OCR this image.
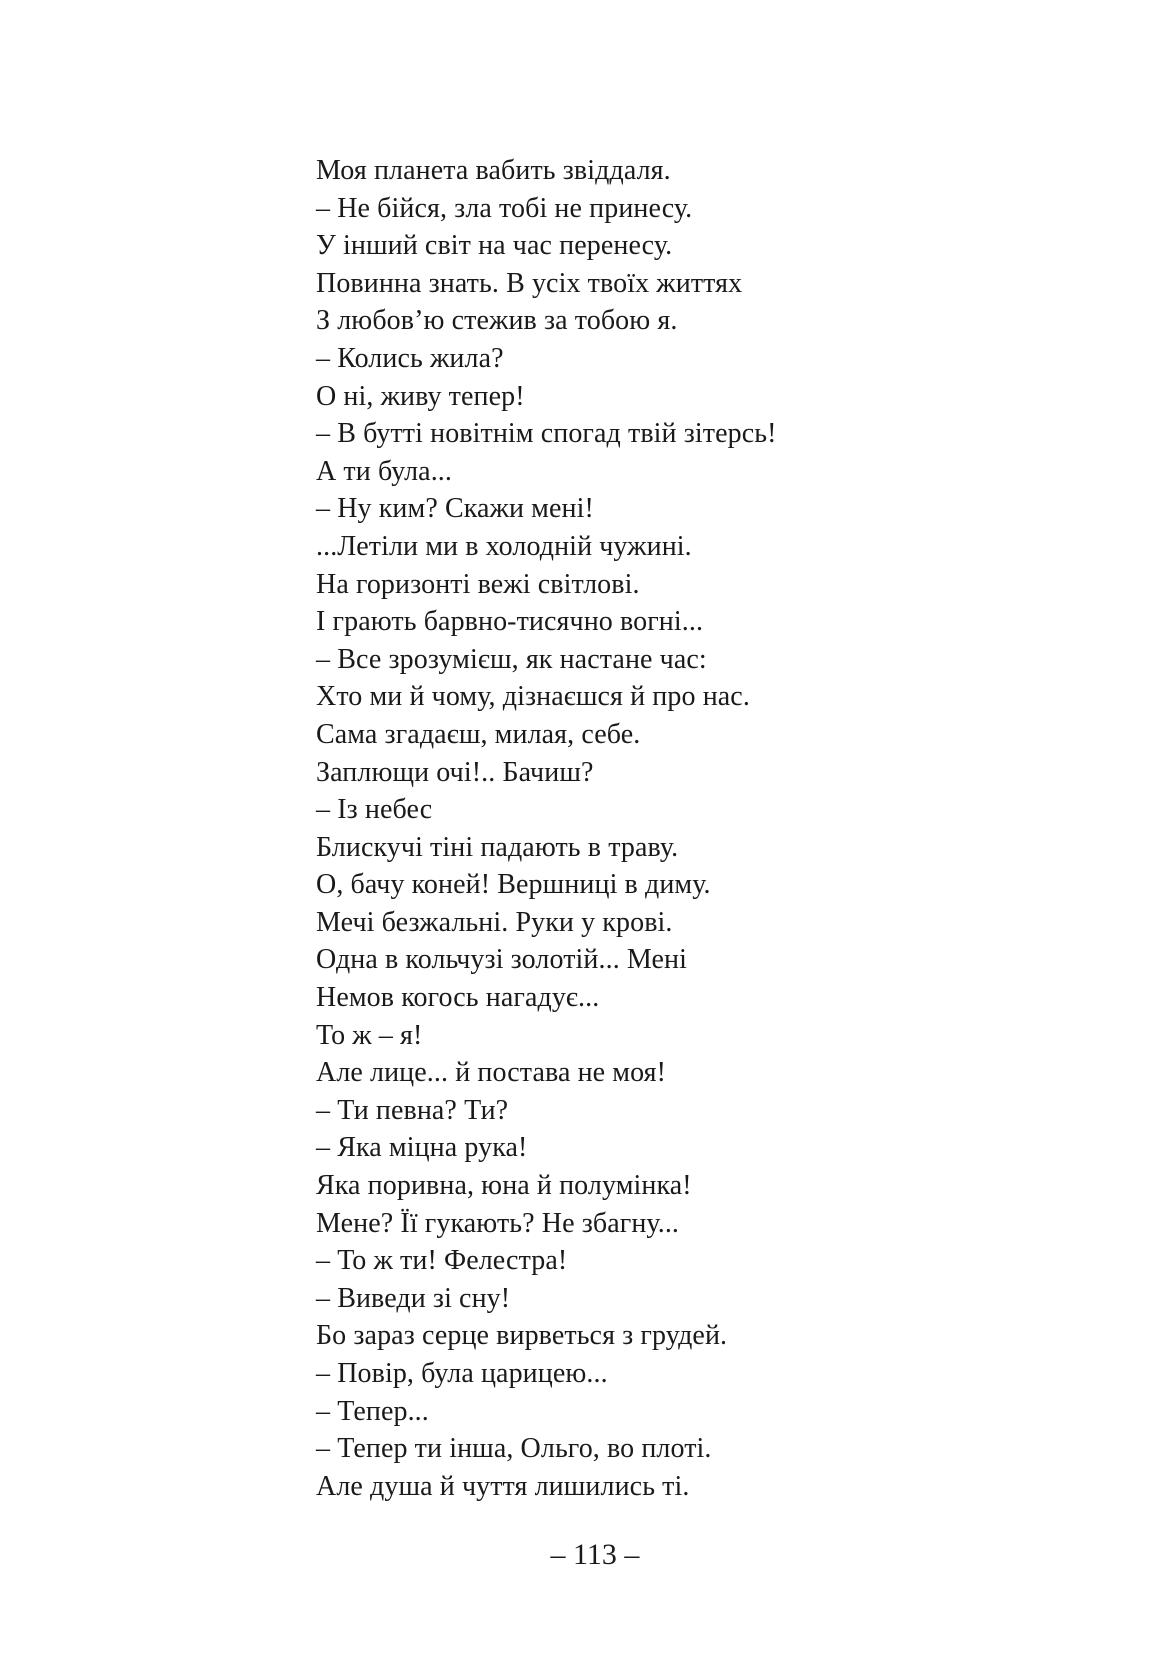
Моя планета вабить звіддаля.
– Не бійся, зла тобі не принесу.
У інший світ на час перенесу.
Повинна знать. В усіх твоїх життях
З любов’ю стежив за тобою я.
– Колись жила?
О ні, живу тепер!
– В бутті новітнім спогад твій зітерсь!
А ти була...
– Ну ким? Скажи мені!
...Летіли ми в холодній чужині.
На горизонті вежі світлові.
І грають барвно-тисячно вогні...
– Все зрозумієш, як настане час:
Хто ми й чому, дізнаєшся й про нас.
Сама згадаєш, милая, себе.
Заплющи очі!.. Бачиш?
– Із небес
Блискучі тіні падають в траву.
О, бачу коней! Вершниці в диму.
Мечі безжальні. Руки у крові.
Одна в кольчузі золотій... Мені
Немов когось нагадує...
То ж – я!
Але лице... й постава не моя!
– Ти певна? Ти?
– Яка міцна рука!
Яка поривна, юна й полумінка!
Мене? Її гукають? Не збагну...
– То ж ти! Фелестра!
– Виведи зі сну!
Бо зараз серце вирветься з грудей.
– Повір, була царицею...
– Тепер...
– Тепер ти інша, Ольго, во плоті.
Але душа й чуття лишились ті.
– 113 –
